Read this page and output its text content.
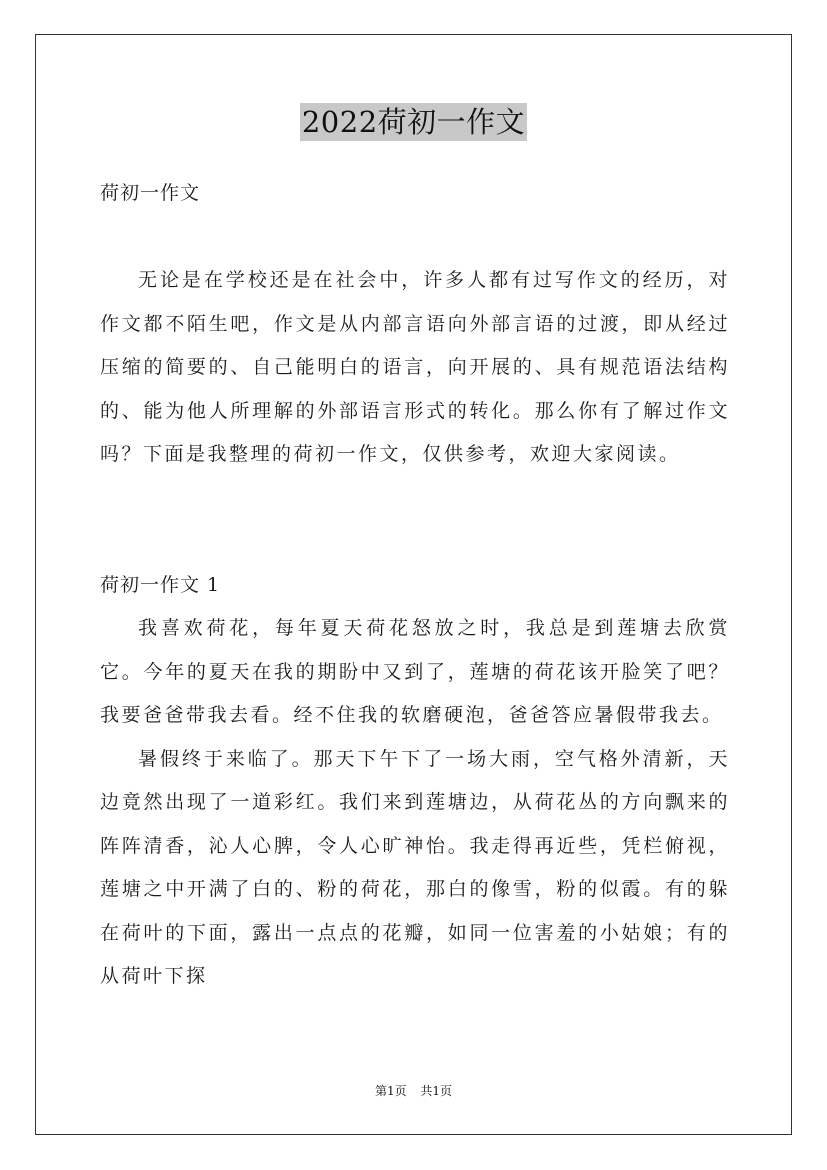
2022荷初一作文

荷初一作文

无论是在学校还是在社会中，许多人都有过写作文的经历，对作文都不陌生吧，作文是从内部言语向外部言语的过渡，即从经过压缩的简要的、自己能明白的语言，向开展的、具有规范语法结构的、能为他人所理解的外部语言形式的转化。那么你有了解过作文吗？下面是我整理的荷初一作文，仅供参考，欢迎大家阅读。

荷初一作文 1

我喜欢荷花，每年夏天荷花怒放之时，我总是到莲塘去欣赏它。今年的夏天在我的期盼中又到了，莲塘的荷花该开脸笑了吧？我要爸爸带我去看。经不住我的软磨硬泡，爸爸答应暑假带我去。

暑假终于来临了。那天下午下了一场大雨，空气格外清新，天边竟然出现了一道彩红。我们来到莲塘边，从荷花丛的方向飘来的阵阵清香，沁人心脾，令人心旷神怡。我走得再近些，凭栏俯视，莲塘之中开满了白的、粉的荷花，那白的像雪，粉的似霞。有的躲在荷叶的下面，露出一点点的花瓣，如同一位害羞的小姑娘；有的从荷叶下探

第1页 共1页
